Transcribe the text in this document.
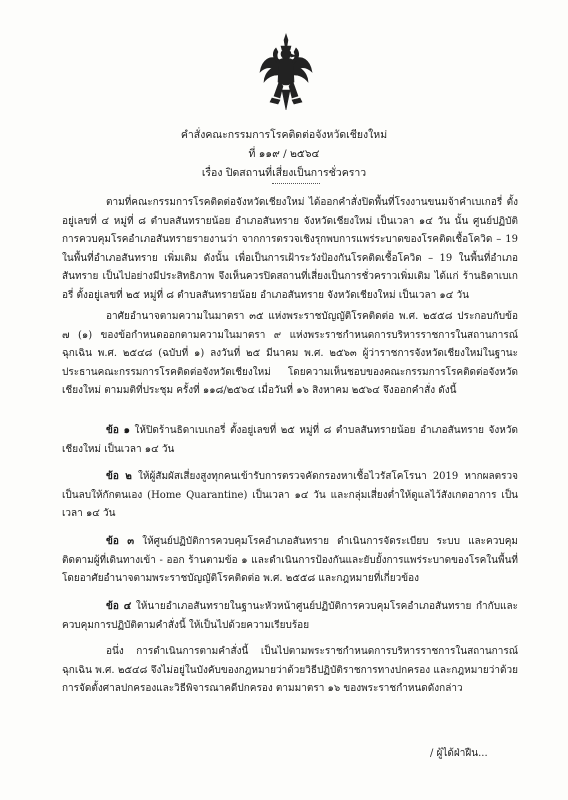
คำสั่งคณะกรรมการโรคติดต่อจังหวัดเชียงใหม่
ที่ ๑๑๙ / ๒๕๖๔
เรื่อง ปิดสถานที่เสี่ยงเป็นการชั่วคราว

ตามที่คณะกรรมการโรคติดต่อจังหวัดเชียงใหม่ ได้ออกคำสั่งปิดพื้นที่โรงงานขนมจ้าคำเบเกอรี่ ตั้งอยู่เลขที่ ๔ หมู่ที่ ๘ ตำบลสันทรายน้อย อำเภอสันทราย จังหวัดเชียงใหม่ เป็นเวลา ๑๔ วัน นั้น ศูนย์ปฏิบัติการควบคุมโรคอำเภอสันทรายรายงานว่า จากการตรวจเชิงรุกพบการแพร่ระบาดของโรคติดเชื้อโควิด – 19 ในพื้นที่อำเภอสันทราย เพิ่มเติม ดังนั้น เพื่อเป็นการเฝ้าระวังป้องกันโรคติดเชื้อโควิด – 19 ในพื้นที่อำเภอสันทราย เป็นไปอย่างมีประสิทธิภาพ จึงเห็นควรปิดสถานที่เสี่ยงเป็นการชั่วคราวเพิ่มเติม ได้แก่ ร้านธิดาเบเกอรี่ ตั้งอยู่เลขที่ ๒๕ หมู่ที่ ๘ ตำบลสันทรายน้อย อำเภอสันทราย จังหวัดเชียงใหม่ เป็นเวลา ๑๔ วัน

อาศัยอำนาจตามความในมาตรา ๓๕ แห่งพระราชบัญญัติโรคติดต่อ พ.ศ. ๒๕๕๘ ประกอบกับข้อ ๗ (๑) ของข้อกำหนดออกตามความในมาตรา ๙ แห่งพระราชกำหนดการบริหารราชการในสถานการณ์ฉุกเฉิน พ.ศ. ๒๕๔๘ (ฉบับที่ ๑) ลงวันที่ ๒๕ มีนาคม พ.ศ. ๒๕๖๓ ผู้ว่าราชการจังหวัดเชียงใหม่ในฐานะประธานคณะกรรมการโรคติดต่อจังหวัดเชียงใหม่ โดยความเห็นชอบของคณะกรรมการโรคติดต่อจังหวัดเชียงใหม่ ตามมติที่ประชุม ครั้งที่ ๑๑๘/๒๕๖๔ เมื่อวันที่ ๑๖ สิงหาคม ๒๕๖๔ จึงออกคำสั่ง ดังนี้

ข้อ ๑ ให้ปิดร้านธิดาเบเกอรี่ ตั้งอยู่เลขที่ ๒๕ หมู่ที่ ๘ ตำบลสันทรายน้อย อำเภอสันทราย จังหวัดเชียงใหม่ เป็นเวลา ๑๔ วัน

ข้อ ๒ ให้ผู้สัมผัสเสี่ยงสูงทุกคนเข้ารับการตรวจคัดกรองหาเชื้อไวรัสโคโรนา 2019 หากผลตรวจเป็นลบให้กักตนเอง (Home Quarantine) เป็นเวลา ๑๔ วัน และกลุ่มเสี่ยงต่ำให้ดูแลไว้สังเกตอาการ เป็นเวลา ๑๔ วัน

ข้อ ๓ ให้ศูนย์ปฏิบัติการควบคุมโรคอำเภอสันทราย ดำเนินการจัดระเบียบ ระบบ และควบคุมติดตามผู้ที่เดินทางเข้า - ออก ร้านตามข้อ ๑ และดำเนินการป้องกันและยับยั้งการแพร่ระบาดของโรคในพื้นที่ โดยอาศัยอำนาจตามพระราชบัญญัติโรคติดต่อ พ.ศ. ๒๕๕๘ และกฎหมายที่เกี่ยวข้อง

ข้อ ๔ ให้นายอำเภอสันทรายในฐานะหัวหน้าศูนย์ปฏิบัติการควบคุมโรคอำเภอสันทราย กำกับและควบคุมการปฏิบัติตามคำสั่งนี้ ให้เป็นไปด้วยความเรียบร้อย

อนึ่ง การดำเนินการตามคำสั่งนี้ เป็นไปตามพระราชกำหนดการบริหารราชการในสถานการณ์ฉุกเฉิน พ.ศ. ๒๕๔๘ จึงไม่อยู่ในบังคับของกฎหมายว่าด้วยวิธีปฏิบัติราชการทางปกครอง และกฎหมายว่าด้วยการจัดตั้งศาลปกครองและวิธีพิจารณาคดีปกครอง ตามมาตรา ๑๖ ของพระราชกำหนดดังกล่าว

/ ผู้ได้ฝ่าฝืน...
